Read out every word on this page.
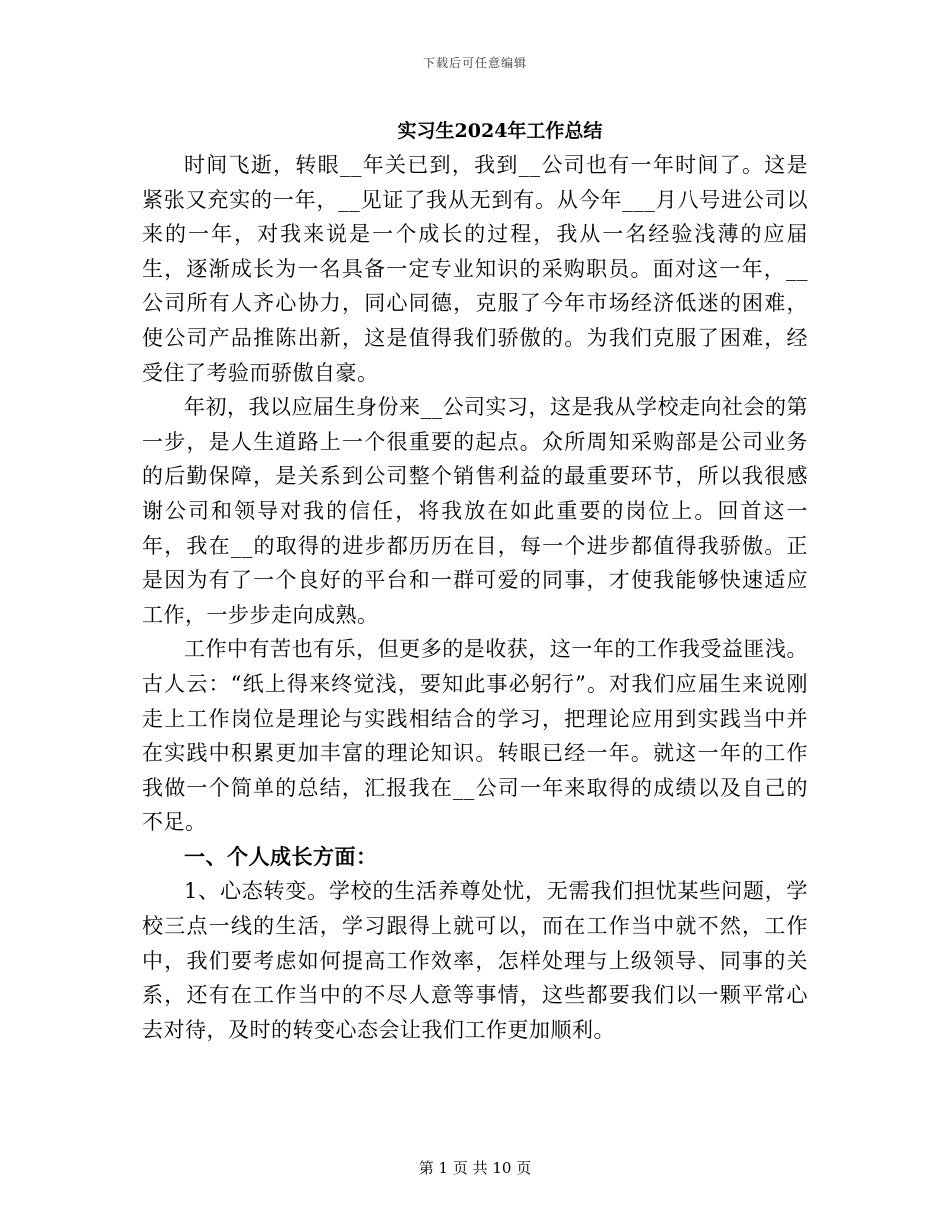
下载后可任意编辑
实习生2024年工作总结

时间飞逝，转眼__年关已到，我到__公司也有一年时间了。这是紧张又充实的一年，__见证了我从无到有。从今年___月八号进公司以来的一年，对我来说是一个成长的过程，我从一名经验浅薄的应届生，逐渐成长为一名具备一定专业知识的采购职员。面对这一年，__公司所有人齐心协力，同心同德，克服了今年市场经济低迷的困难，使公司产品推陈出新，这是值得我们骄傲的。为我们克服了困难，经受住了考验而骄傲自豪。

年初，我以应届生身份来__公司实习，这是我从学校走向社会的第一步，是人生道路上一个很重要的起点。众所周知采购部是公司业务的后勤保障，是关系到公司整个销售利益的最重要环节，所以我很感谢公司和领导对我的信任，将我放在如此重要的岗位上。回首这一年，我在__的取得的进步都历历在目，每一个进步都值得我骄傲。正是因为有了一个良好的平台和一群可爱的同事，才使我能够快速适应工作，一步步走向成熟。

工作中有苦也有乐，但更多的是收获，这一年的工作我受益匪浅。古人云：“纸上得来终觉浅，要知此事必躬行”。对我们应届生来说刚走上工作岗位是理论与实践相结合的学习，把理论应用到实践当中并在实践中积累更加丰富的理论知识。转眼已经一年。就这一年的工作我做一个简单的总结，汇报我在__公司一年来取得的成绩以及自己的不足。

一、个人成长方面：

1、心态转变。学校的生活养尊处忧，无需我们担忧某些问题，学校三点一线的生活，学习跟得上就可以，而在工作当中就不然，工作中，我们要考虑如何提高工作效率，怎样处理与上级领导、同事的关系，还有在工作当中的不尽人意等事情，这些都要我们以一颗平常心去对待，及时的转变心态会让我们工作更加顺利。

第 1 页 共 10 页
